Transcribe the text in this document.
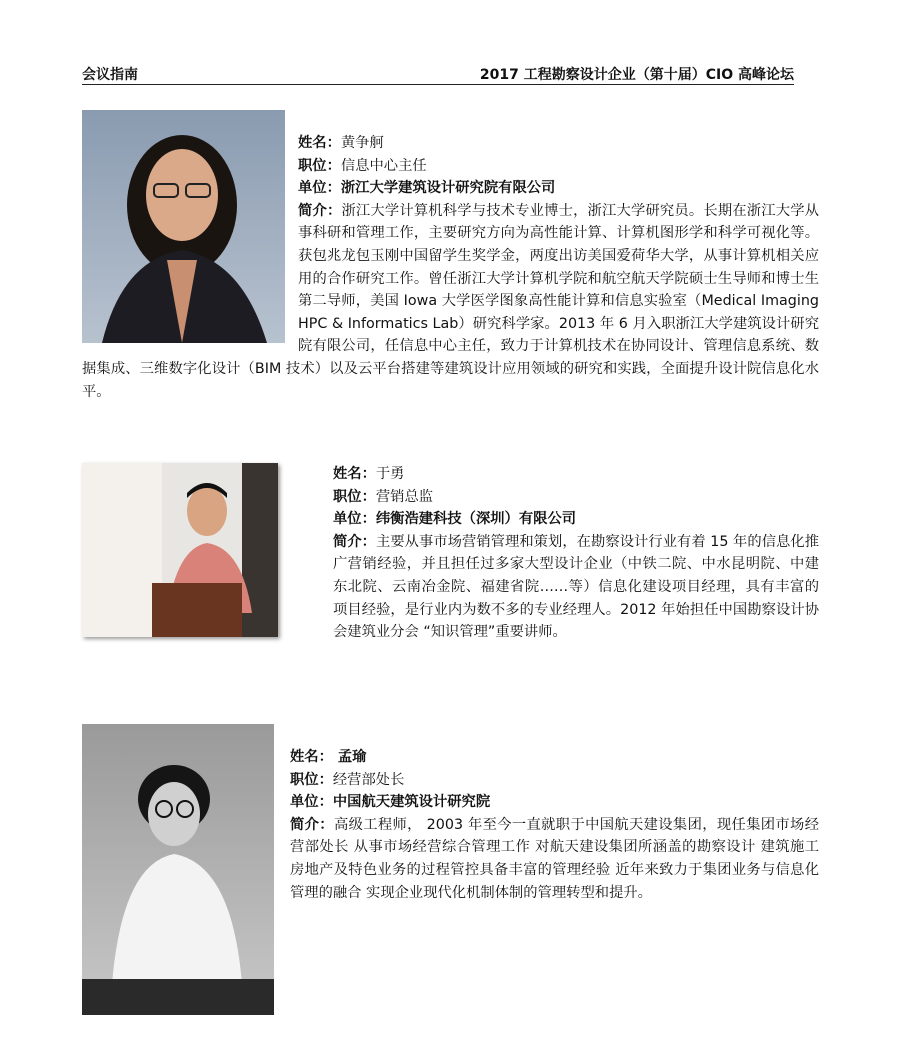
会议指南	2017 工程勘察设计企业（第十届）CIO 高峰论坛
姓名：黄争舸
职位：信息中心主任
单位：浙江大学建筑设计研究院有限公司
简介：浙江大学计算机科学与技术专业博士，浙江大学研究员。长期在浙江大学从事科研和管理工作，主要研究方向为高性能计算、计算机图形学和科学可视化等。获包兆龙包玉刚中国留学生奖学金，两度出访美国爱荷华大学，从事计算机相关应用的合作研究工作。曾任浙江大学计算机学院和航空航天学院硕士生导师和博士生第二导师，美国 Iowa 大学医学图象高性能计算和信息实验室（Medical Imaging HPC & Informatics Lab）研究科学家。2013 年 6 月入职浙江大学建筑设计研究院有限公司，任信息中心主任，致力于计算机技术在协同设计、管理信息系统、数据集成、三维数字化设计（BIM 技术）以及云平台搭建等建筑设计应用领域的研究和实践，全面提升设计院信息化水平。
姓名：于勇
职位：营销总监
单位：纬衡浩建科技（深圳）有限公司
简介：主要从事市场营销管理和策划，在勘察设计行业有着 15 年的信息化推广营销经验，并且担任过多家大型设计企业（中铁二院、中水昆明院、中建东北院、云南冶金院、福建省院……等）信息化建设项目经理，具有丰富的项目经验，是行业内为数不多的专业经理人。2012 年始担任中国勘察设计协会建筑业分会 “知识管理”重要讲师。
姓名： 孟瑜
职位：经营部处长
单位：中国航天建筑设计研究院
简介：高级工程师， 2003 年至今一直就职于中国航天建设集团，现任集团市场经营部处长 从事市场经营综合管理工作 对航天建设集团所涵盖的勘察设计 建筑施工 房地产及特色业务的过程管控具备丰富的管理经验 近年来致力于集团业务与信息化管理的融合 实现企业现代化机制体制的管理转型和提升。
